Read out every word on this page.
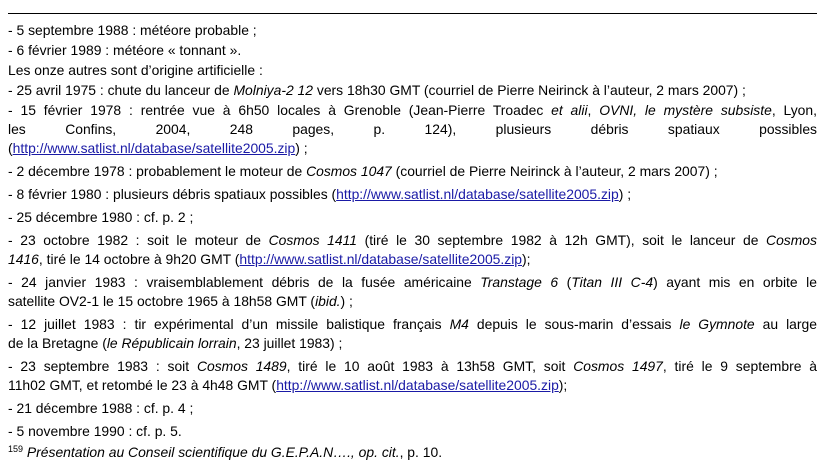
- 5 septembre 1988 : météore probable ;

- 6 février 1989 : météore « tonnant ».

Les onze autres sont d’origine artificielle :

- 25 avril 1975 : chute du lanceur de Molniya-2 12 vers 18h30 GMT (courriel de Pierre Neirinck à l’auteur, 2 mars 2007) ;

- 15 février 1978 : rentrée vue à 6h50 locales à Grenoble (Jean-Pierre Troadec et alii, OVNI, le mystère subsiste, Lyon,

les Confins, 2004, 248 pages, p. 124), plusieurs débris spatiaux possibles

(http://www.satlist.nl/database/satellite2005.zip) ;

- 2 décembre 1978 : probablement le moteur de Cosmos 1047 (courriel de Pierre Neirinck à l’auteur, 2 mars 2007) ;

- 8 février 1980 : plusieurs débris spatiaux possibles (http://www.satlist.nl/database/satellite2005.zip) ;

- 25 décembre 1980 : cf. p. 2 ;

- 23 octobre 1982 : soit le moteur de Cosmos 1411 (tiré le 30 septembre 1982 à 12h GMT), soit le lanceur de Cosmos

1416, tiré le 14 octobre à 9h20 GMT (http://www.satlist.nl/database/satellite2005.zip);

- 24 janvier 1983 : vraisemblablement débris de la fusée américaine Transtage 6 (Titan III C-4) ayant mis en orbite le

satellite OV2-1 le 15 octobre 1965 à 18h58 GMT (ibid.) ;

- 12 juillet 1983 : tir expérimental d’un missile balistique français M4 depuis le sous-marin d’essais le Gymnote au large

de la Bretagne (le Républicain lorrain, 23 juillet 1983) ;

- 23 septembre 1983 : soit Cosmos 1489, tiré le 10 août 1983 à 13h58 GMT, soit Cosmos 1497, tiré le 9 septembre à

11h02 GMT, et retombé le 23 à 4h48 GMT (http://www.satlist.nl/database/satellite2005.zip);

- 21 décembre 1988 : cf. p. 4 ;

- 5 novembre 1990 : cf. p. 5.

$^{159}$ Présentation au Conseil scientifique du G.E.P.A.N…., op. cit., p. 10.
